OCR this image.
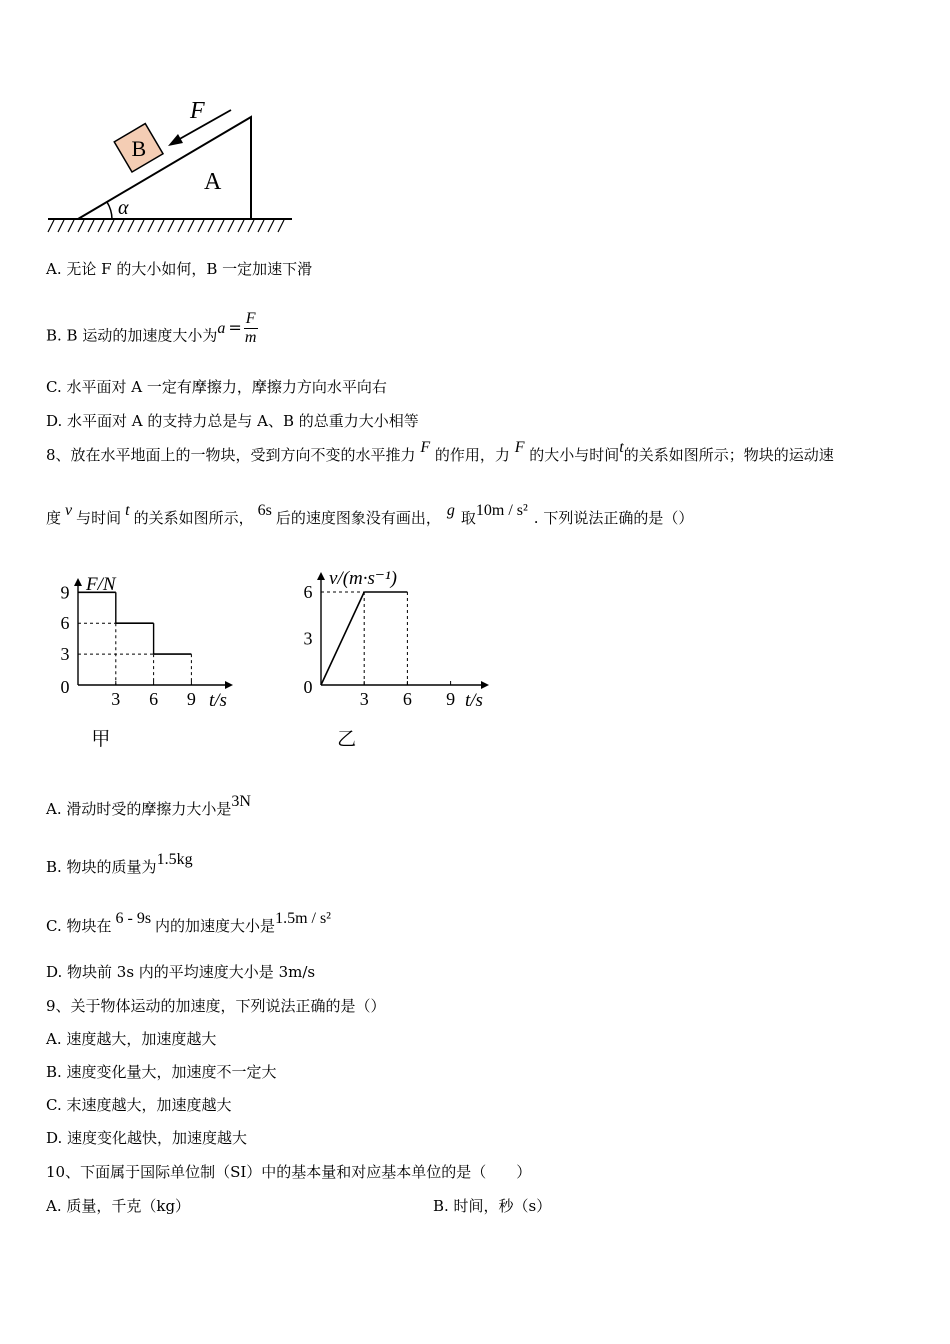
A
α
B
F
A. 无论 F 的大小如何，B 一定加速下滑
B. B 运动的加速度大小为$a = \frac{F}{m}$
C. 水平面对 A 一定有摩擦力，摩擦力方向水平向右
D. 水平面对 A 的支持力总是与 A、B 的总重力大小相等
8、放在水平地面上的一物块，受到方向不变的水平推力 F 的作用，力 F 的大小与时间t的关系如图所示；物块的运动速
度 v 与时间 t 的关系如图所示， 6s 后的速度图象没有画出， g 取10m / s² . 下列说法正确的是（）
F/N
t/s
0
3 6 9
3
6
9
甲
v/(m·s⁻¹)
t/s
0
3 6 9
3
6
乙
A. 滑动时受的摩擦力大小是3N
B. 物块的质量为1.5kg
C. 物块在 6 - 9s 内的加速度大小是1.5m / s²
D. 物块前 3s 内的平均速度大小是 3m/s
9、关于物体运动的加速度，下列说法正确的是（）
A. 速度越大，加速度越大
B. 速度变化量大，加速度不一定大
C. 末速度越大，加速度越大
D. 速度变化越快，加速度越大
10、下面属于国际单位制（SI）中的基本量和对应基本单位的是（　　）
A. 质量，千克（kg）	B. 时间，秒（s）
